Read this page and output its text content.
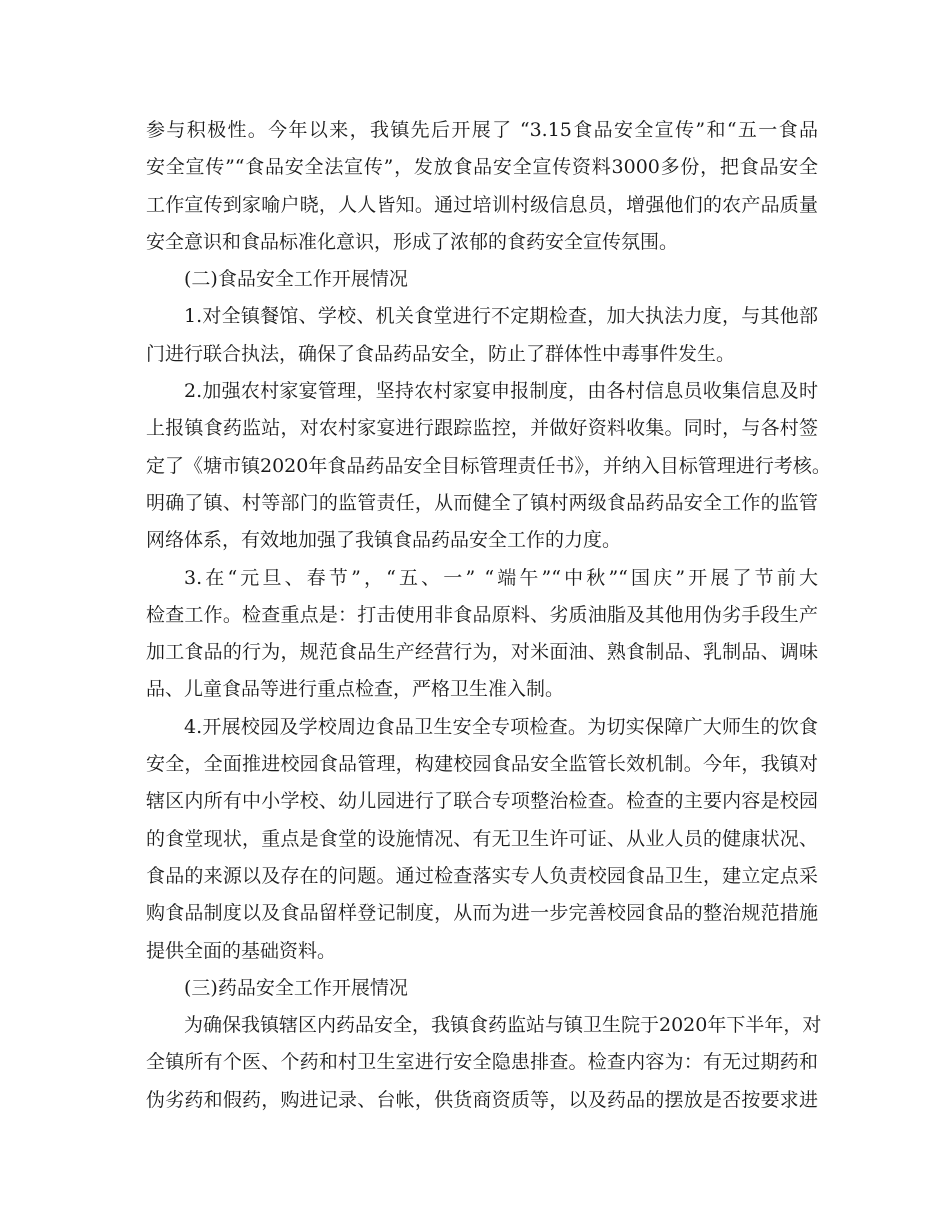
参与积极性。今年以来，我镇先后开展了 “3.15食品安全宣传”和“五一食品
安全宣传”“食品安全法宣传”，发放食品安全宣传资料3000多份，把食品安全
工作宣传到家喻户晓，人人皆知。通过培训村级信息员，增强他们的农产品质量
安全意识和食品标准化意识，形成了浓郁的食药安全宣传氛围。
(二)食品安全工作开展情况
1.对全镇餐馆、学校、机关食堂进行不定期检查，加大执法力度，与其他部
门进行联合执法，确保了食品药品安全，防止了群体性中毒事件发生。
2.加强农村家宴管理，坚持农村家宴申报制度，由各村信息员收集信息及时
上报镇食药监站，对农村家宴进行跟踪监控，并做好资料收集。同时，与各村签
定了《塘市镇2020年食品药品安全目标管理责任书》，并纳入目标管理进行考核。
明确了镇、村等部门的监管责任，从而健全了镇村两级食品药品安全工作的监管
网络体系，有效地加强了我镇食品药品安全工作的力度。
3.在“元旦、春节”，“五、一” “端午”“中秋”“国庆”开展了节前大
检查工作。检查重点是：打击使用非食品原料、劣质油脂及其他用伪劣手段生产
加工食品的行为，规范食品生产经营行为，对米面油、熟食制品、乳制品、调味
品、儿童食品等进行重点检查，严格卫生准入制。
4.开展校园及学校周边食品卫生安全专项检查。为切实保障广大师生的饮食
安全，全面推进校园食品管理，构建校园食品安全监管长效机制。今年，我镇对
辖区内所有中小学校、幼儿园进行了联合专项整治检查。检查的主要内容是校园
的食堂现状，重点是食堂的设施情况、有无卫生许可证、从业人员的健康状况、
食品的来源以及存在的问题。通过检查落实专人负责校园食品卫生，建立定点采
购食品制度以及食品留样登记制度，从而为进一步完善校园食品的整治规范措施
提供全面的基础资料。
(三)药品安全工作开展情况
为确保我镇辖区内药品安全，我镇食药监站与镇卫生院于2020年下半年，对
全镇所有个医、个药和村卫生室进行安全隐患排查。检查内容为：有无过期药和
伪劣药和假药，购进记录、台帐，供货商资质等，以及药品的摆放是否按要求进
